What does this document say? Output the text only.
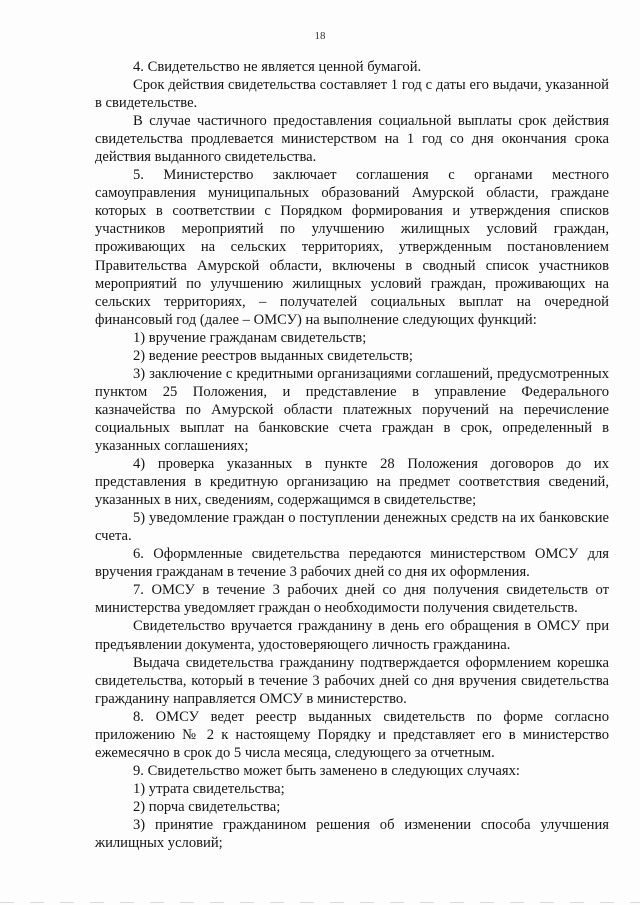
18

4. Свидетельство не является ценной бумагой.

Срок действия свидетельства составляет 1 год с даты его выдачи, указанной в свидетельстве.

В случае частичного предоставления социальной выплаты срок действия свидетельства продлевается министерством на 1 год со дня окончания срока действия выданного свидетельства.

5. Министерство заключает соглашения с органами местного самоуправления муниципальных образований Амурской области, граждане которых в соответствии с Порядком формирования и утверждения списков участников мероприятий по улучшению жилищных условий граждан, проживающих на сельских территориях, утвержденным постановлением Правительства Амурской области, включены в сводный список участников мероприятий по улучшению жилищных условий граждан, проживающих на сельских территориях, – получателей социальных выплат на очередной финансовый год (далее – ОМСУ) на выполнение следующих функций:

1) вручение гражданам свидетельств;

2) ведение реестров выданных свидетельств;

3) заключение с кредитными организациями соглашений, предусмотренных пунктом 25 Положения, и представление в управление Федерального казначейства по Амурской области платежных поручений на перечисление социальных выплат на банковские счета граждан в срок, определенный в указанных соглашениях;

4) проверка указанных в пункте 28 Положения договоров до их представления в кредитную организацию на предмет соответствия сведений, указанных в них, сведениям, содержащимся в свидетельстве;

5) уведомление граждан о поступлении денежных средств на их банковские счета.

6. Оформленные свидетельства передаются министерством ОМСУ для вручения гражданам в течение 3 рабочих дней со дня их оформления.

7. ОМСУ в течение 3 рабочих дней со дня получения свидетельств от министерства уведомляет граждан о необходимости получения свидетельств.

Свидетельство вручается гражданину в день его обращения в ОМСУ при предъявлении документа, удостоверяющего личность гражданина.

Выдача свидетельства гражданину подтверждается оформлением корешка свидетельства, который в течение 3 рабочих дней со дня вручения свидетельства гражданину направляется ОМСУ в министерство.

8. ОМСУ ведет реестр выданных свидетельств по форме согласно приложению № 2 к настоящему Порядку и представляет его в министерство ежемесячно в срок до 5 числа месяца, следующего за отчетным.

9. Свидетельство может быть заменено в следующих случаях:

1) утрата свидетельства;

2) порча свидетельства;

3) принятие гражданином решения об изменении способа улучшения жилищных условий;
